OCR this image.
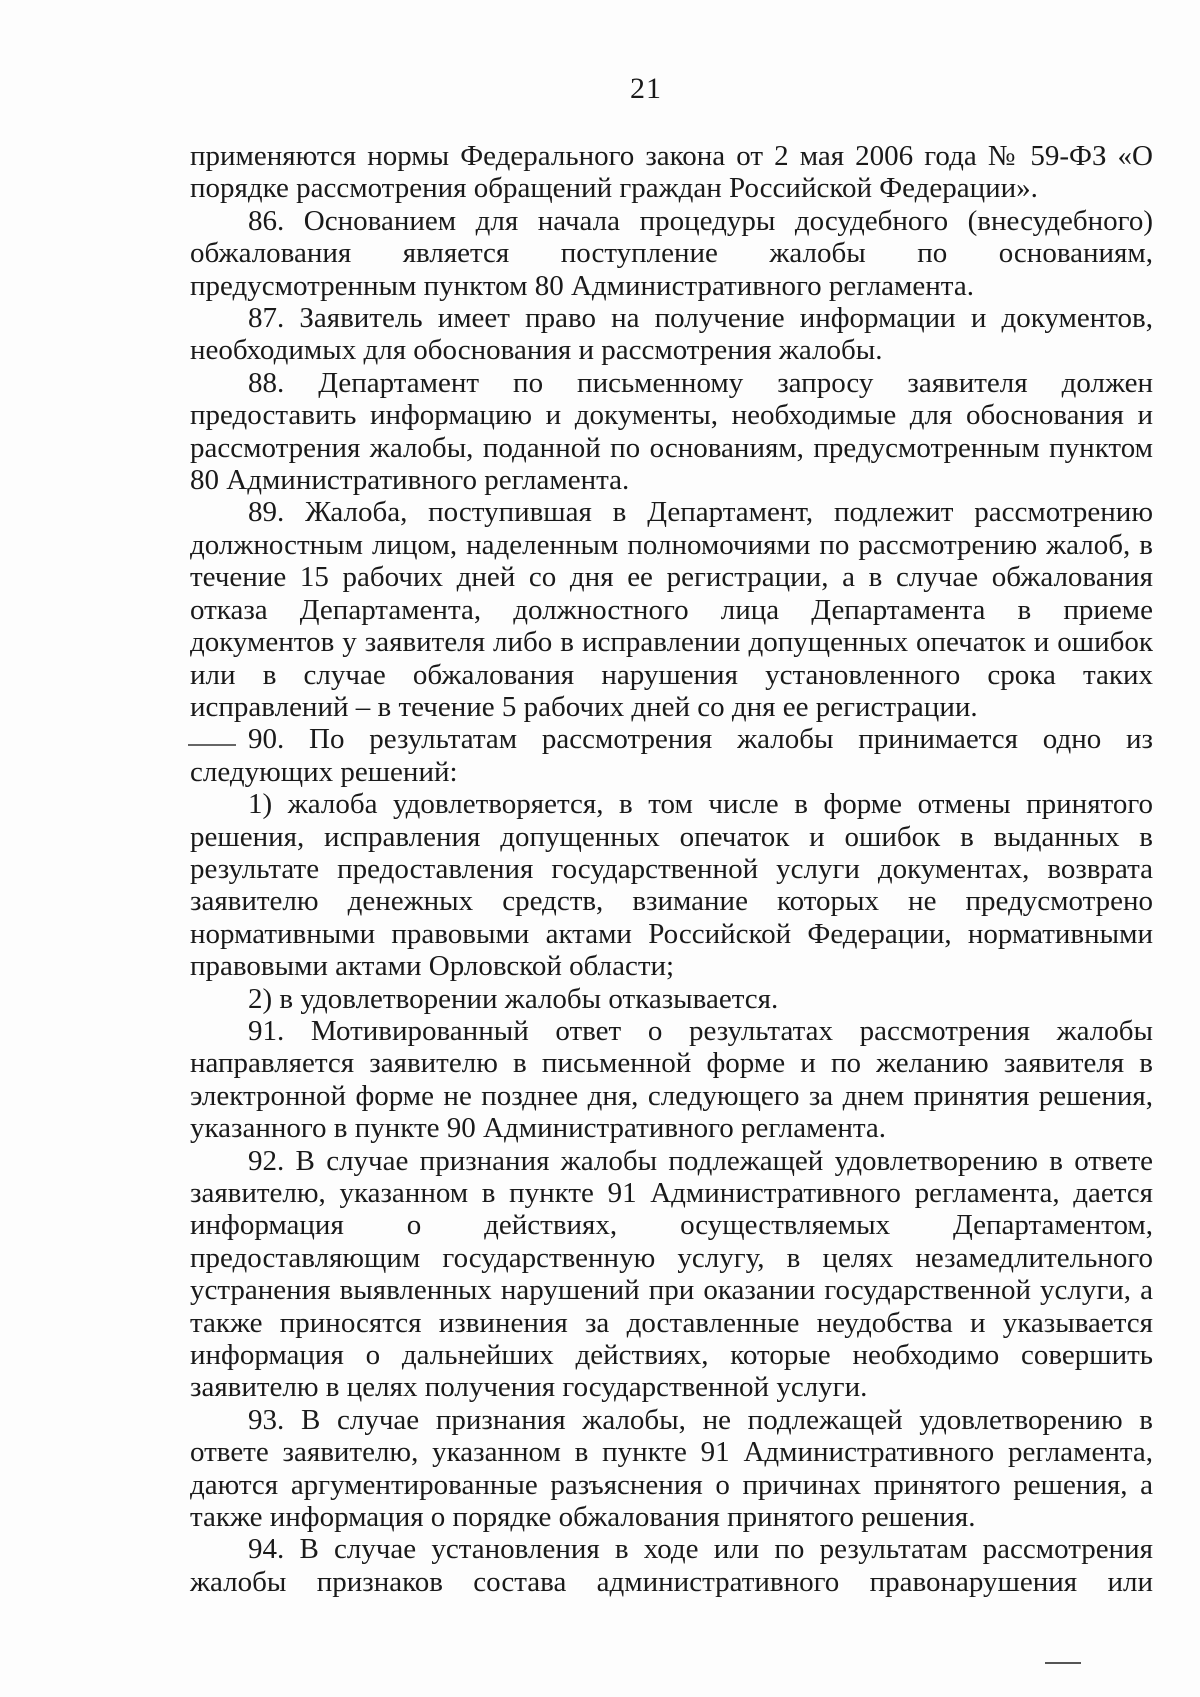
21

применяются нормы Федерального закона от 2 мая 2006 года № 59-ФЗ «О порядке рассмотрения обращений граждан Российской Федерации».

86. Основанием для начала процедуры досудебного (внесудебного) обжалования является поступление жалобы по основаниям, предусмотренным пунктом 80 Административного регламента.

87. Заявитель имеет право на получение информации и документов, необходимых для обоснования и рассмотрения жалобы.

88. Департамент по письменному запросу заявителя должен предоставить информацию и документы, необходимые для обоснования и рассмотрения жалобы, поданной по основаниям, предусмотренным пунктом 80 Административного регламента.

89. Жалоба, поступившая в Департамент, подлежит рассмотрению должностным лицом, наделенным полномочиями по рассмотрению жалоб, в течение 15 рабочих дней со дня ее регистрации, а в случае обжалования отказа Департамента, должностного лица Департамента в приеме документов у заявителя либо в исправлении допущенных опечаток и ошибок или в случае обжалования нарушения установленного срока таких исправлений – в течение 5 рабочих дней со дня ее регистрации.

90. По результатам рассмотрения жалобы принимается одно из следующих решений:

1) жалоба удовлетворяется, в том числе в форме отмены принятого решения, исправления допущенных опечаток и ошибок в выданных в результате предоставления государственной услуги документах, возврата заявителю денежных средств, взимание которых не предусмотрено нормативными правовыми актами Российской Федерации, нормативными правовыми актами Орловской области;

2) в удовлетворении жалобы отказывается.

91. Мотивированный ответ о результатах рассмотрения жалобы направляется заявителю в письменной форме и по желанию заявителя в электронной форме не позднее дня, следующего за днем принятия решения, указанного в пункте 90 Административного регламента.

92. В случае признания жалобы подлежащей удовлетворению в ответе заявителю, указанном в пункте 91 Административного регламента, дается информация о действиях, осуществляемых Департаментом, предоставляющим государственную услугу, в целях незамедлительного устранения выявленных нарушений при оказании государственной услуги, а также приносятся извинения за доставленные неудобства и указывается информация о дальнейших действиях, которые необходимо совершить заявителю в целях получения государственной услуги.

93. В случае признания жалобы, не подлежащей удовлетворению в ответе заявителю, указанном в пункте 91 Административного регламента, даются аргументированные разъяснения о причинах принятого решения, а также информация о порядке обжалования принятого решения.

94. В случае установления в ходе или по результатам рассмотрения жалобы признаков состава административного правонарушения или
